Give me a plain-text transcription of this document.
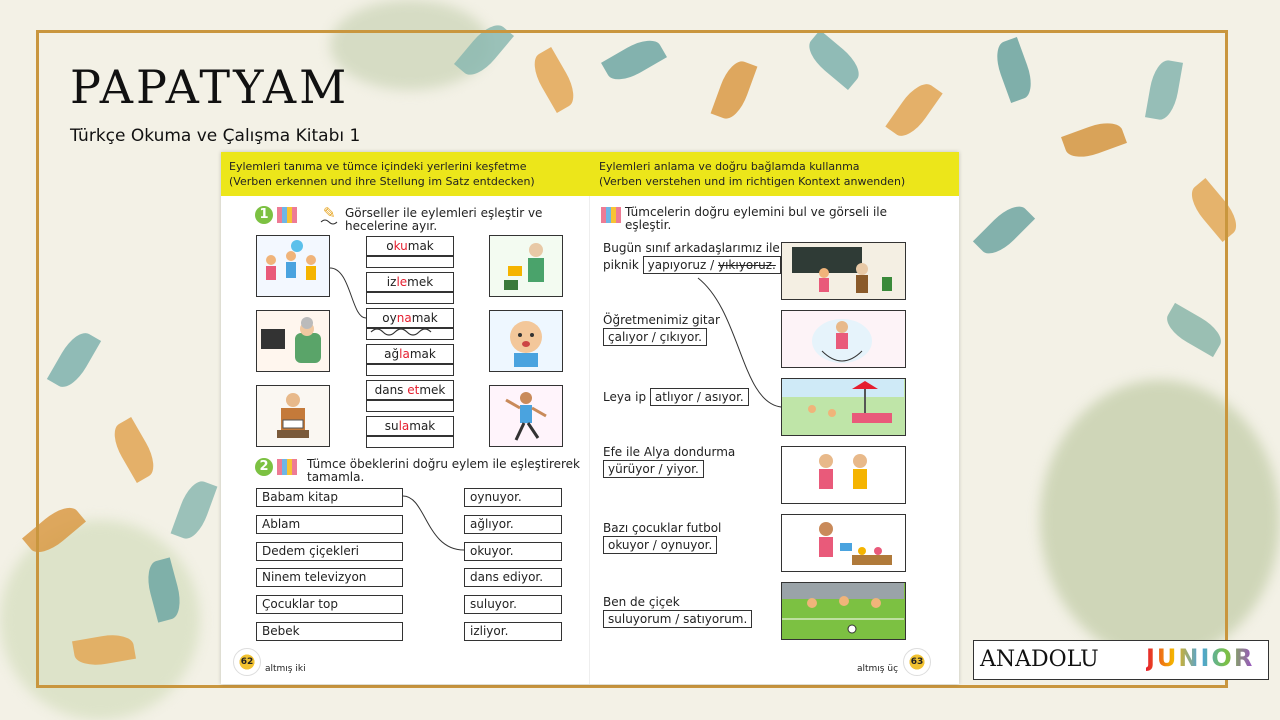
PAPATYAM
Türkçe Okuma ve Çalışma Kitabı 1
Eylemleri tanıma ve tümce içindeki yerlerini keşfetme
(Verben erkennen und ihre Stellung im Satz entdecken)
Eylemleri anlama ve doğru bağlamda kullanma
(Verben verstehen und im richtigen Kontext anwenden)
1	✎ Görseller ile eylemleri eşleştir ve
hecelerine ayır.
okumak
izlemek
oynamak
ağlamak
dans etmek
sulamak
2	Tümce öbeklerini doğru eylem ile eşleştirerek
tamamla.
Babam kitap
Ablam
Dedem çiçekleri
Ninem televizyon
Çocuklar top
Bebek
oynuyor.
ağlıyor.
okuyor.
dans ediyor.
suluyor.
izliyor.
Tümcelerin doğru eylemini bul ve görseli ile
eşleştir.
Bugün sınıf arkadaşlarımız ile
piknik yapıyoruz / yıkıyoruz.
Öğretmenimiz gitar
çalıyor / çıkıyor.
Leya ip atlıyor / asıyor.
Efe ile Alya dondurma
yürüyor / yiyor.
Bazı çocuklar futbol
okuyor / oynuyor.
Ben de çiçek
suluyorum / satıyorum.
62
altmış iki	altmış üç
63	ANADOLU JUNIOR
